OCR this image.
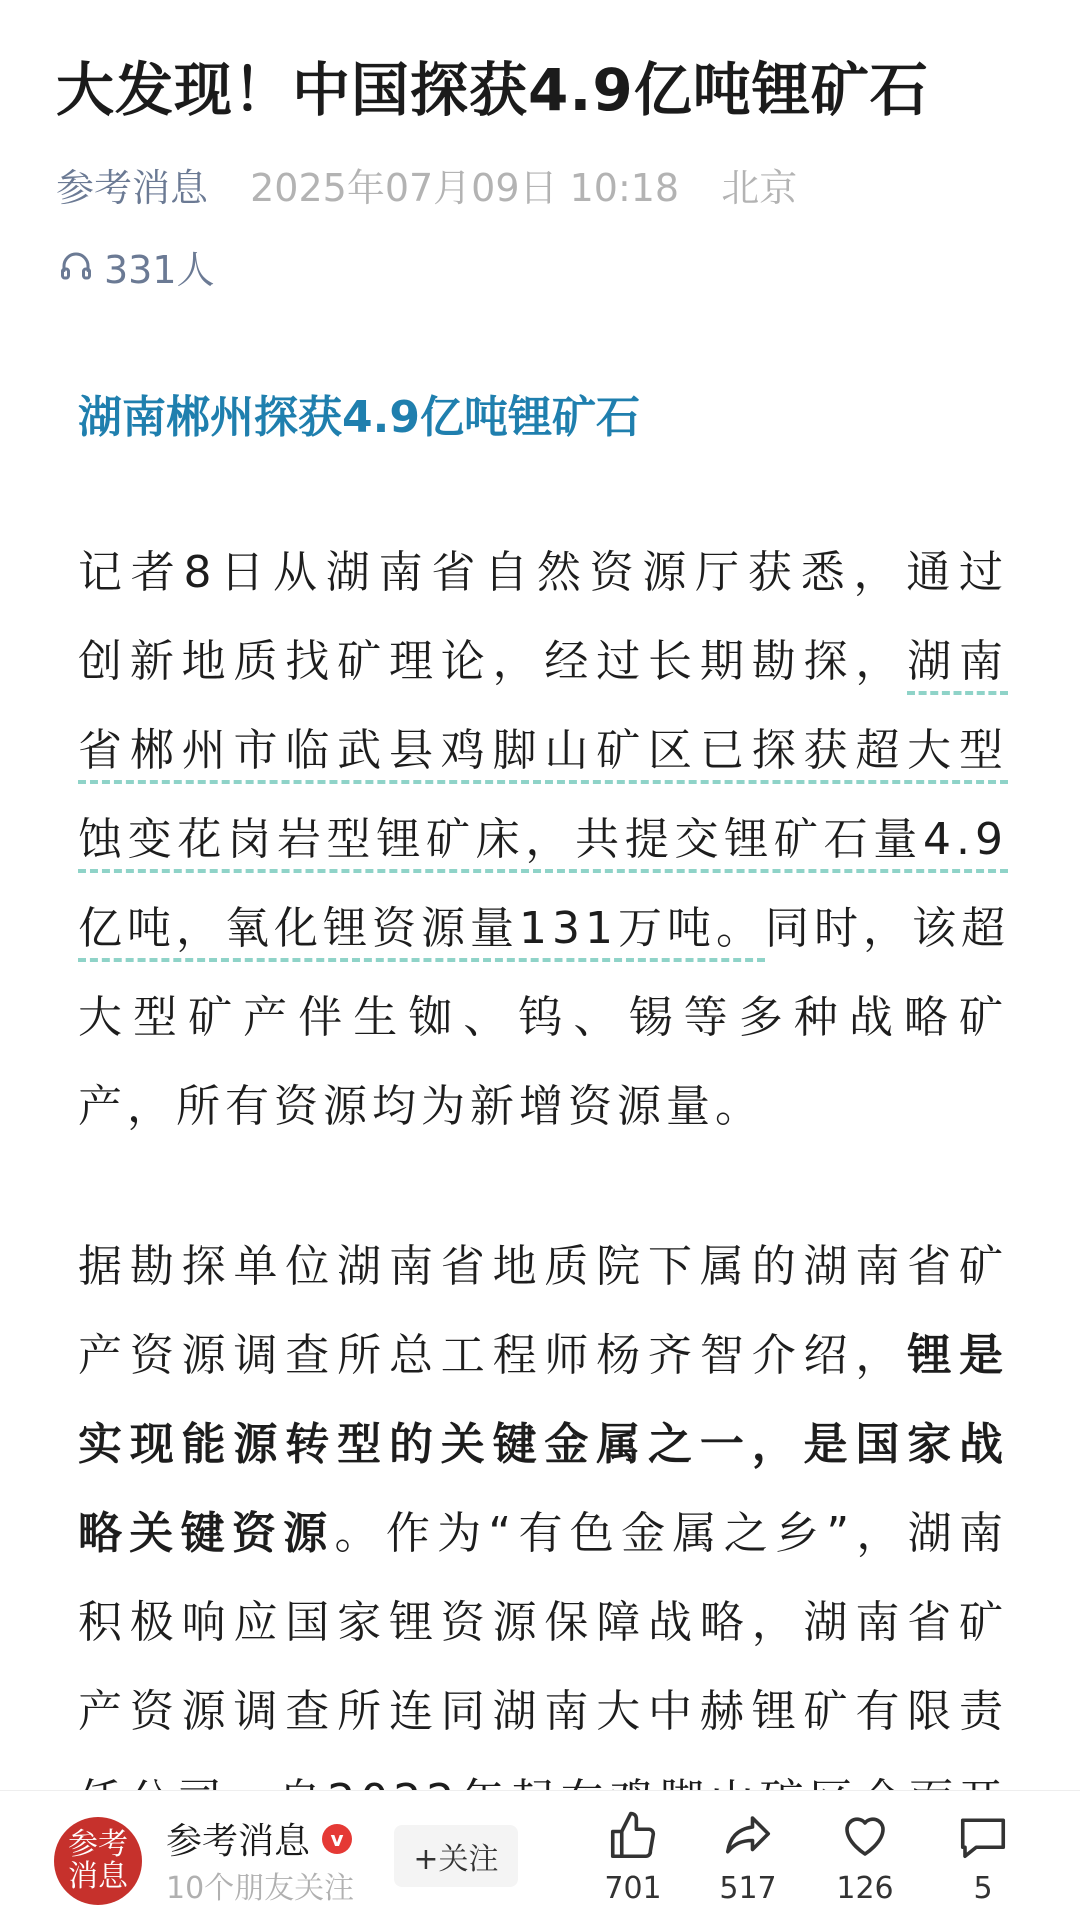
大发现！中国探获4.9亿吨锂矿石
参考消息 2025年07月09日 10:18 北京
331人
湖南郴州探获4.9亿吨锂矿石
记者8日从湖南省自然资源厅获悉，通过
创新地质找矿理论，经过长期勘探，湖南
省郴州市临武县鸡脚山矿区已探获超大型
蚀变花岗岩型锂矿床，共提交锂矿石量4.9
亿吨，氧化锂资源量131万吨。同时，该超
大型矿产伴生铷、钨、锡等多种战略矿
产，所有资源均为新增资源量。
据勘探单位湖南省地质院下属的湖南省矿
产资源调查所总工程师杨齐智介绍，锂是
实现能源转型的关键金属之一，是国家战
略关键资源。作为“有色金属之乡”，湖南
积极响应国家锂资源保障战略，湖南省矿
产资源调查所连同湖南大中赫锂矿有限责
参考消息
参考消息	v
10个朋友关注
+关注
701	517	126	5
